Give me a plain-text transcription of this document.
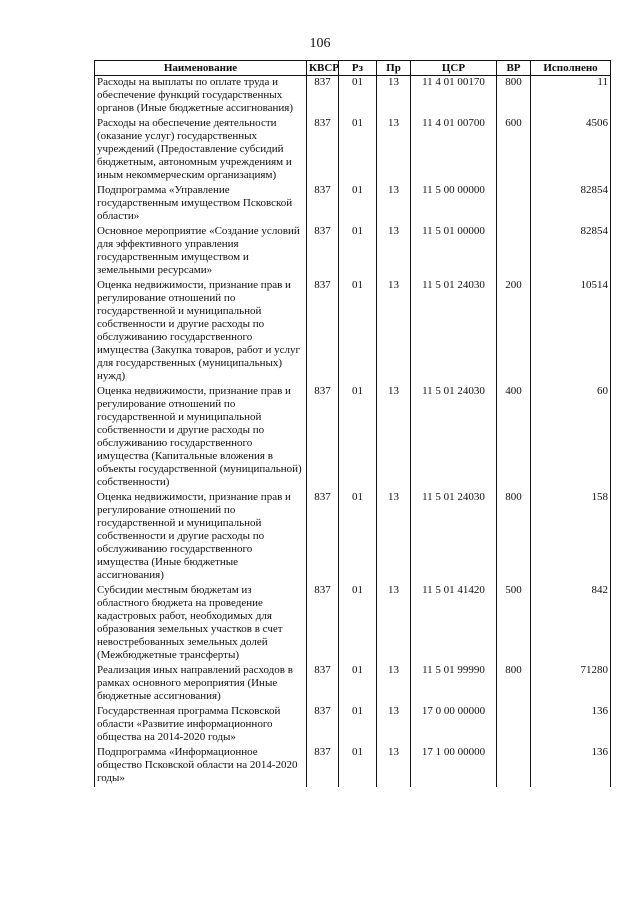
106
Наименование	КВСР	Рз	Пр	ЦСР	ВР	Исполнено
Расходы на выплаты по оплате труда и обеспечение функций государственных органов (Иные бюджетные ассигнования)	837	01	13	11 4 01 00170	800	11
Расходы на обеспечение деятельности (оказание услуг) государственных учреждений (Предоставление субсидий бюджетным, автономным учреждениям и иным некоммерческим организациям)	837	01	13	11 4 01 00700	600	4506
Подпрограмма «Управление государственным имуществом Псковской области»	837	01	13	11 5 00 00000		82854
Основное мероприятие «Создание условий для эффективного управления государственным имуществом и земельными ресурсами»	837	01	13	11 5 01 00000		82854
Оценка недвижимости, признание прав и регулирование отношений по государственной и муниципальной собственности и другие расходы по обслуживанию государственного имущества (Закупка товаров, работ и услуг для государственных (муниципальных) нужд)	837	01	13	11 5 01 24030	200	10514
Оценка недвижимости, признание прав и регулирование отношений по государственной и муниципальной собственности и другие расходы по обслуживанию государственного имущества (Капитальные вложения в объекты государственной (муниципальной) собственности)	837	01	13	11 5 01 24030	400	60
Оценка недвижимости, признание прав и регулирование отношений по государственной и муниципальной собственности и другие расходы по обслуживанию государственного имущества (Иные бюджетные ассигнования)	837	01	13	11 5 01 24030	800	158
Субсидии местным бюджетам из областного бюджета на проведение кадастровых работ, необходимых для образования земельных участков в счет невостребованных земельных долей (Межбюджетные трансферты)	837	01	13	11 5 01 41420	500	842
Реализация иных направлений расходов в рамках основного мероприятия (Иные бюджетные ассигнования)	837	01	13	11 5 01 99990	800	71280
Государственная программа Псковской области «Развитие информационного общества на 2014-2020 годы»	837	01	13	17 0 00 00000		136
Подпрограмма «Информационное общество Псковской области на 2014-2020 годы»	837	01	13	17 1 00 00000		136
